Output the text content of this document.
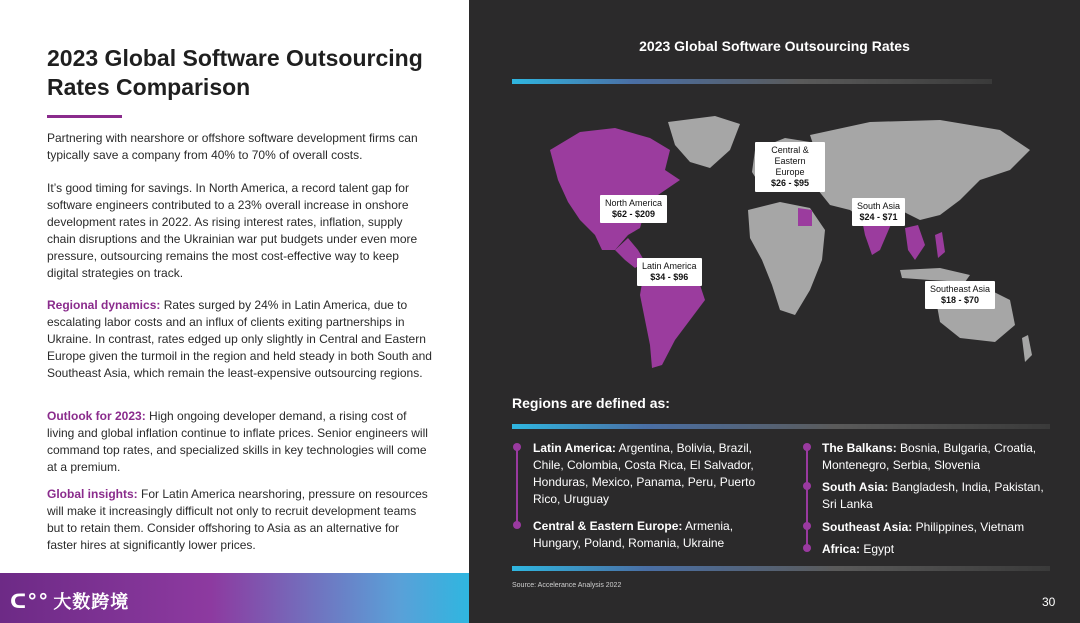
2023 Global Software Outsourcing Rates Comparison
Partnering with nearshore or offshore software development firms can typically save a company from 40% to 70% of overall costs.
It’s good timing for savings. In North America, a record talent gap for software engineers contributed to a 23% overall increase in onshore development rates in 2022. As rising interest rates, inflation, supply chain disruptions and the Ukrainian war put budgets under even more pressure, outsourcing remains the most cost-effective way to keep digital strategies on track.
Regional dynamics: Rates surged by 24% in Latin America, due to escalating labor costs and an influx of clients exiting partnerships in Ukraine. In contrast, rates edged up only slightly in Central and Eastern Europe given the turmoil in the region and held steady in both South and Southeast Asia, which remain the least-expensive outsourcing regions.
Outlook for 2023: High ongoing developer demand, a rising cost of living and global inflation continue to inflate prices. Senior engineers will command top rates, and specialized skills in key technologies will come at a premium.
Global insights: For Latin America nearshoring, pressure on resources will make it increasingly difficult not only to recruit development teams but to retain them. Consider offshoring to Asia as an alternative for faster hires at significantly lower prices.
ᑕ°° 大数跨境
2023 Global Software Outsourcing Rates
North America
$62 - $209
Latin America
$34 - $96
Central & Eastern Europe
$26 - $95
South Asia
$24 - $71
Southeast Asia
$18 - $70
Regions are defined as:
Latin America: Argentina, Bolivia, Brazil, Chile, Colombia, Costa Rica, El Salvador, Honduras, Mexico, Panama, Peru, Puerto Rico, Uruguay
Central & Eastern Europe: Armenia, Hungary, Poland, Romania, Ukraine
The Balkans: Bosnia, Bulgaria, Croatia, Montenegro, Serbia, Slovenia
South Asia: Bangladesh, India, Pakistan, Sri Lanka
Southeast Asia: Philippines, Vietnam
Africa: Egypt
Source: Accelerance Analysis 2022
30
